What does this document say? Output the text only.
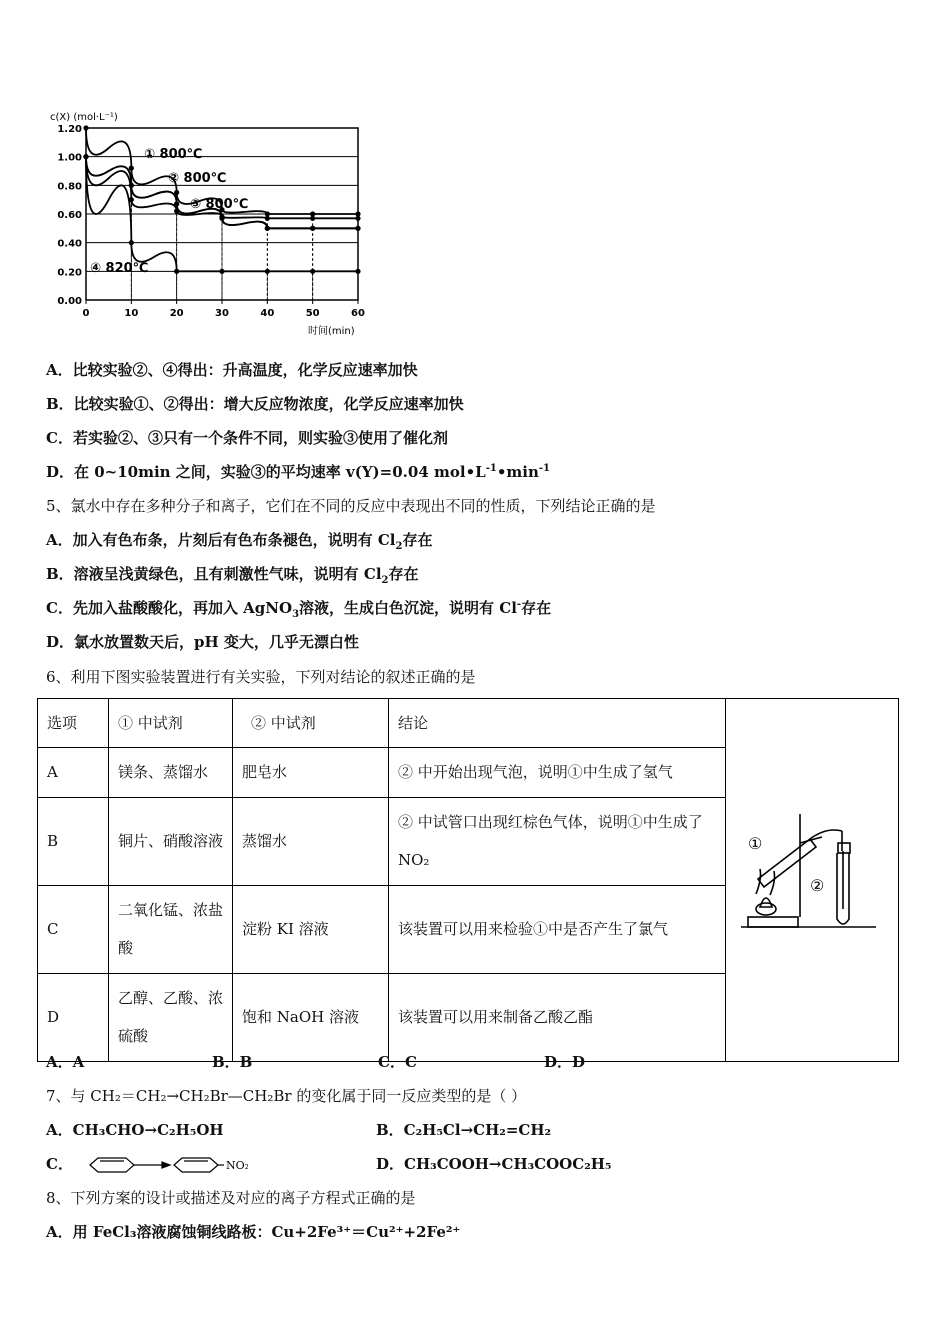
c(X) (mol·L⁻¹)
0.00
0.20
0.40
0.60
0.80
1.00
1.20
0	10	20	30	40	50	60
时间(min)
① 800℃
② 800℃
③ 800℃
④ 820℃
A．比较实验②、④得出：升高温度，化学反应速率加快
B．比较实验①、②得出：增大反应物浓度，化学反应速率加快
C．若实验②、③只有一个条件不同，则实验③使用了催化剂
D．在 0~10min 之间，实验③的平均速率 v(Y)=0.04 $mol•L^{-1}•\min^{-1}$
5、氯水中存在多种分子和离子，它们在不同的反应中表现出不同的性质，下列结论正确的是
A．加入有色布条，片刻后有色布条褪色，说明有 $Cl_2$存在
B．溶液呈浅黄绿色，且有刺激性气味，说明有 $Cl_2$存在
C．先加入盐酸酸化，再加入 AgNO$_3$溶液，生成白色沉淀，说明有 Cl-存在
D．氯水放置数天后，pH 变大，几乎无漂白性
6、利用下图实验装置进行有关实验，下列对结论的叙述正确的是
选项	① 中试剂	② 中试剂	结论	①
②

A	镁条、蒸馏水	肥皂水	② 中开始出现气泡，说明①中生成了氢气	
B	铜片、硝酸溶液	蒸馏水	② 中试管口出现红棕色气体，说明①中生成了 NO₂	
C	二氧化锰、浓盐酸	淀粉 KI 溶液	该装置可以用来检验①中是否产生了氯气	
D	乙醇、乙酸、浓硫酸	饱和 NaOH 溶液	该装置可以用来制备乙酸乙酯	
A．A	B．B	C．C	D．D
7、与 CH₂＝CH₂→CH₂Br—CH₂Br 的变化属于同一反应类型的是（ ）
A．CH₃CHO→C₂H₅OH	B．C₂H₅Cl→CH₂=CH₂
C．	NO₂	D．CH₃COOH→CH₃COOC₂H₅
8、下列方案的设计或描述及对应的离子方程式正确的是
A．用 FeCl₃溶液腐蚀铜线路板：Cu+2Fe³⁺＝Cu²⁺+2Fe²⁺
